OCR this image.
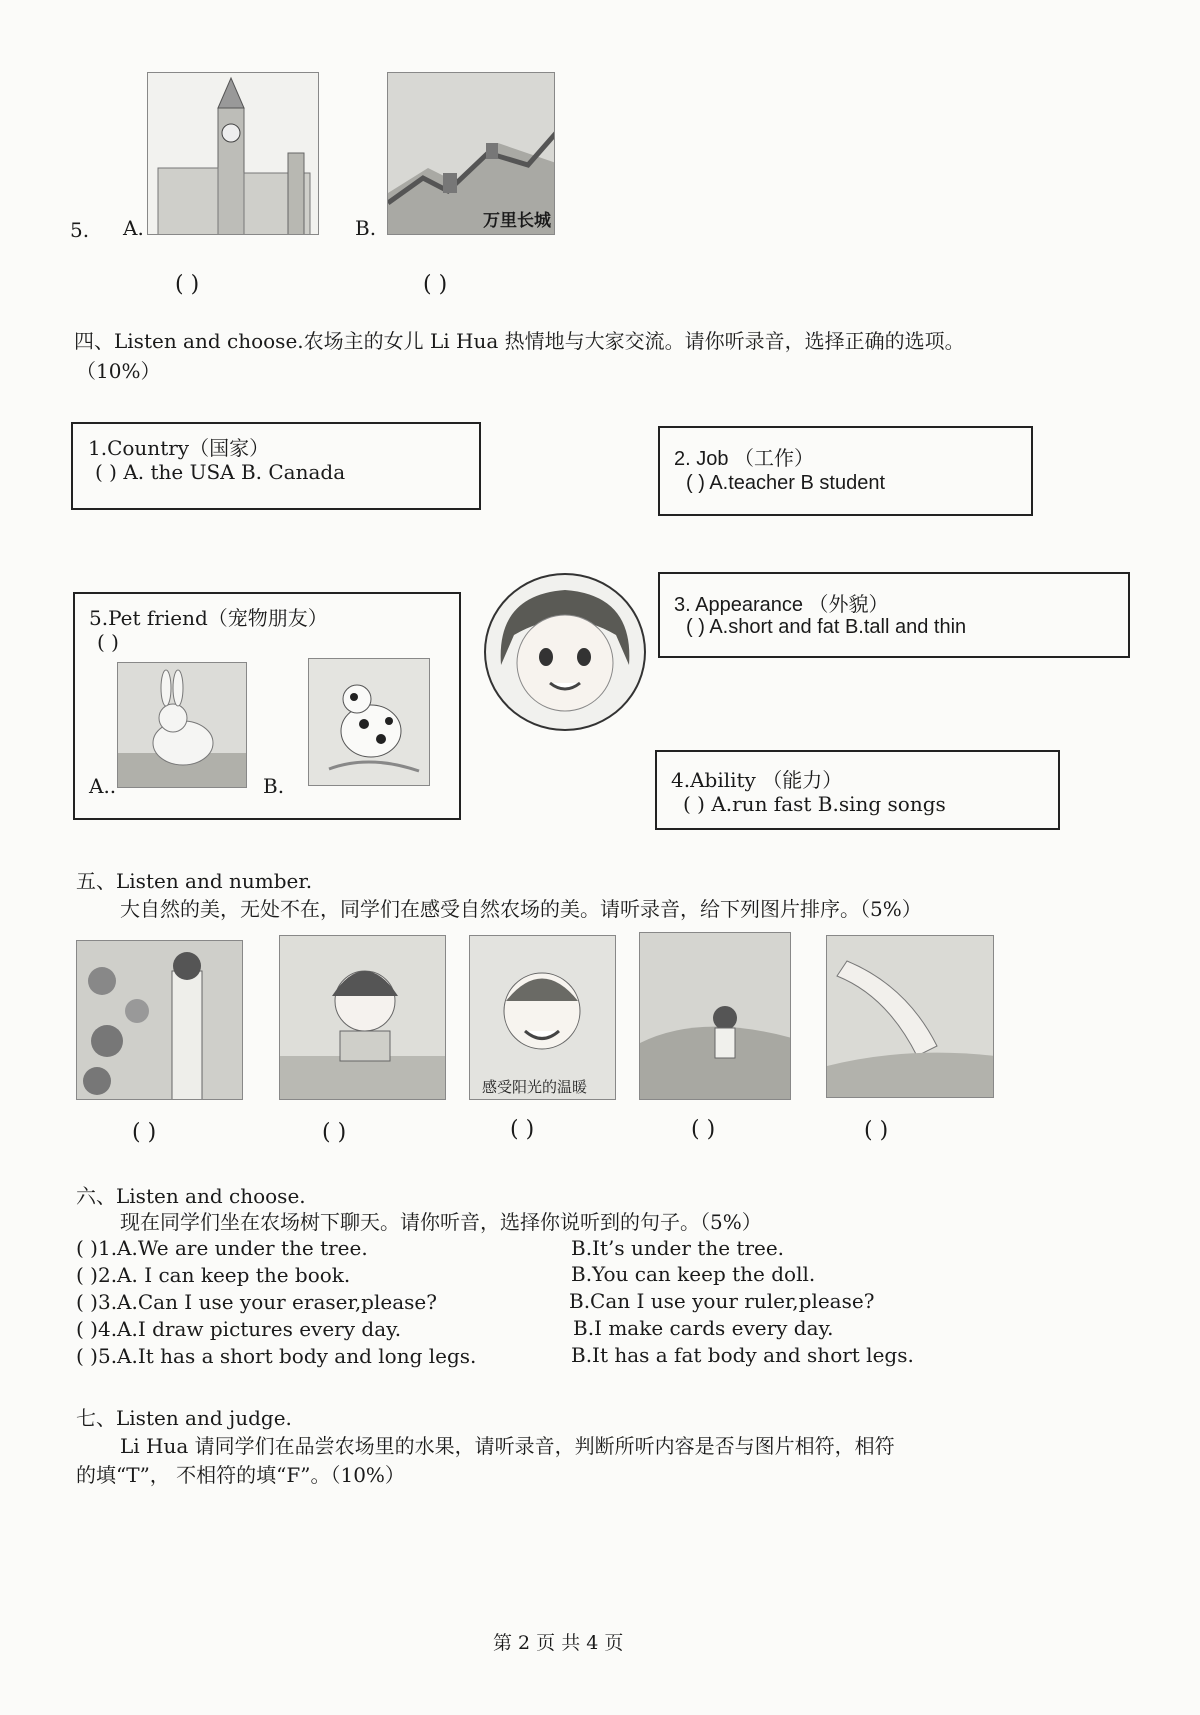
5. A.	B.	万里长城
( )	( )
四、Listen and choose.农场主的女儿 Li Hua 热情地与大家交流。请你听录音，选择正确的选项。
（10%）
1.Country（国家）
( ) A. the USA B. Canada
2. Job （工作）
( ) A.teacher B student
3. Appearance （外貌）
( ) A.short and fat B.tall and thin
4.Ability （能力）
( ) A.run fast B.sing songs
5.Pet friend（宠物朋友）
( )
A..	B.
五、Listen and number.
大自然的美，无处不在，同学们在感受自然农场的美。请听录音，给下列图片排序。（5%）
感受阳光的温暖
( )	( )	( )	( )	( )
六、Listen and choose.
现在同学们坐在农场树下聊天。请你听音，选择你说听到的句子。（5%）
( )1.A.We are under the tree.	B.It’s under the tree.
( )2.A. I can keep the book.	B.You can keep the doll.
( )3.A.Can I use your eraser,please?	B.Can I use your ruler,please?
( )4.A.I draw pictures every day.	B.I make cards every day.
( )5.A.It has a short body and long legs.	B.It has a fat body and short legs.
七、Listen and judge.
Li Hua 请同学们在品尝农场里的水果，请听录音，判断所听内容是否与图片相符，相符
的填“T”， 不相符的填“F”。（10%）
第 2 页 共 4 页
